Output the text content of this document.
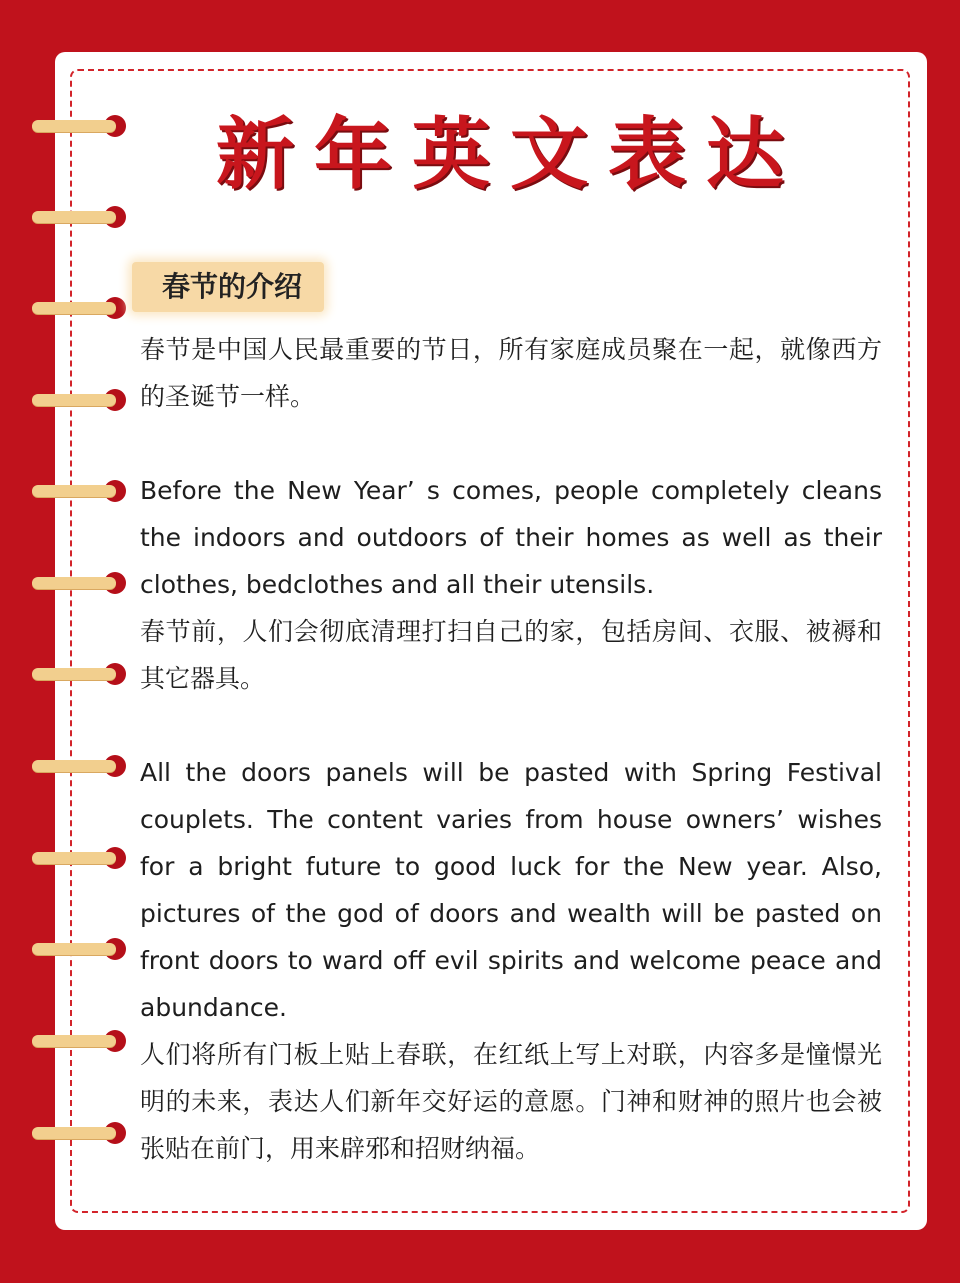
新年英文表达
春节的介绍

春节是中国人民最重要的节日，所有家庭成员聚在一起，就像西方的圣诞节一样。

Before the New Year’ s comes, people completely cleans the indoors and outdoors of their homes as well as their clothes, bedclothes and all their utensils.

春节前，人们会彻底清理打扫自己的家，包括房间、衣服、被褥和其它器具。

All the doors panels will be pasted with Spring Festival couplets. The content varies from house owners’ wishes for a bright future to good luck for the New year. Also, pictures of the god of doors and wealth will be pasted on front doors to ward off evil spirits and welcome peace and abundance.

人们将所有门板上贴上春联，在红纸上写上对联，内容多是憧憬光明的未来，表达人们新年交好运的意愿。门神和财神的照片也会被张贴在前门，用来辟邪和招财纳福。
